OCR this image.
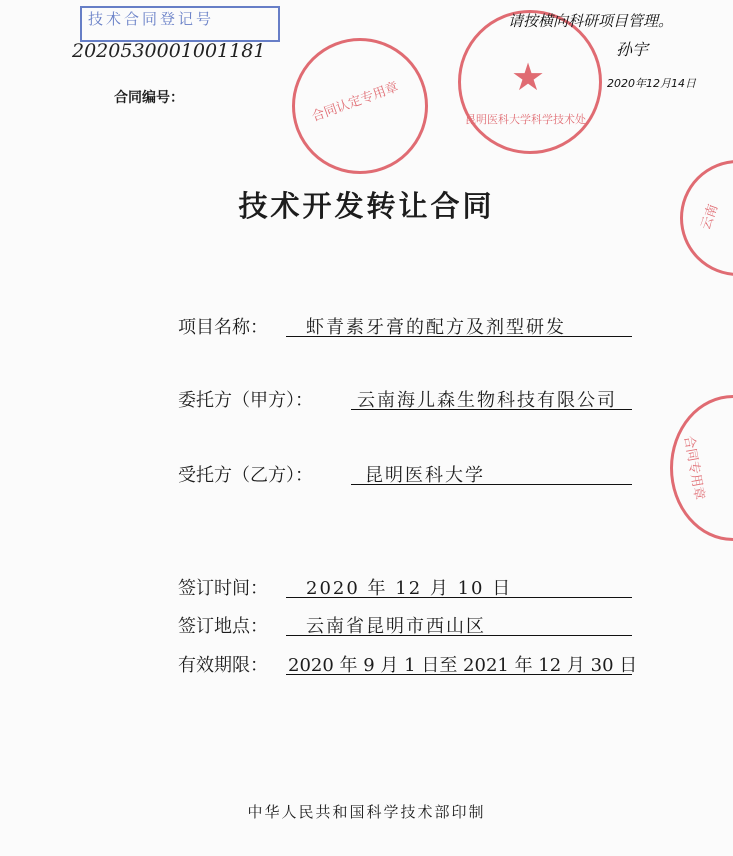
技术合同登记号
2020530001001181
合同编号：	合同认定专用章
★
昆明医科大学科学技术处
云南
合同专用章
请按横向科研项目管理。
孙宇
2020年12月14日
技术开发转让合同
项目名称：	虾青素牙膏的配方及剂型研发
委托方（甲方）：	云南海儿森生物科技有限公司
受托方（乙方）：	昆明医科大学
签订时间：	2020 年 12 月 10 日
签订地点：	云南省昆明市西山区
有效期限： 2020 年 9 月 1 日至 2021 年 12 月 30 日
中华人民共和国科学技术部印制
